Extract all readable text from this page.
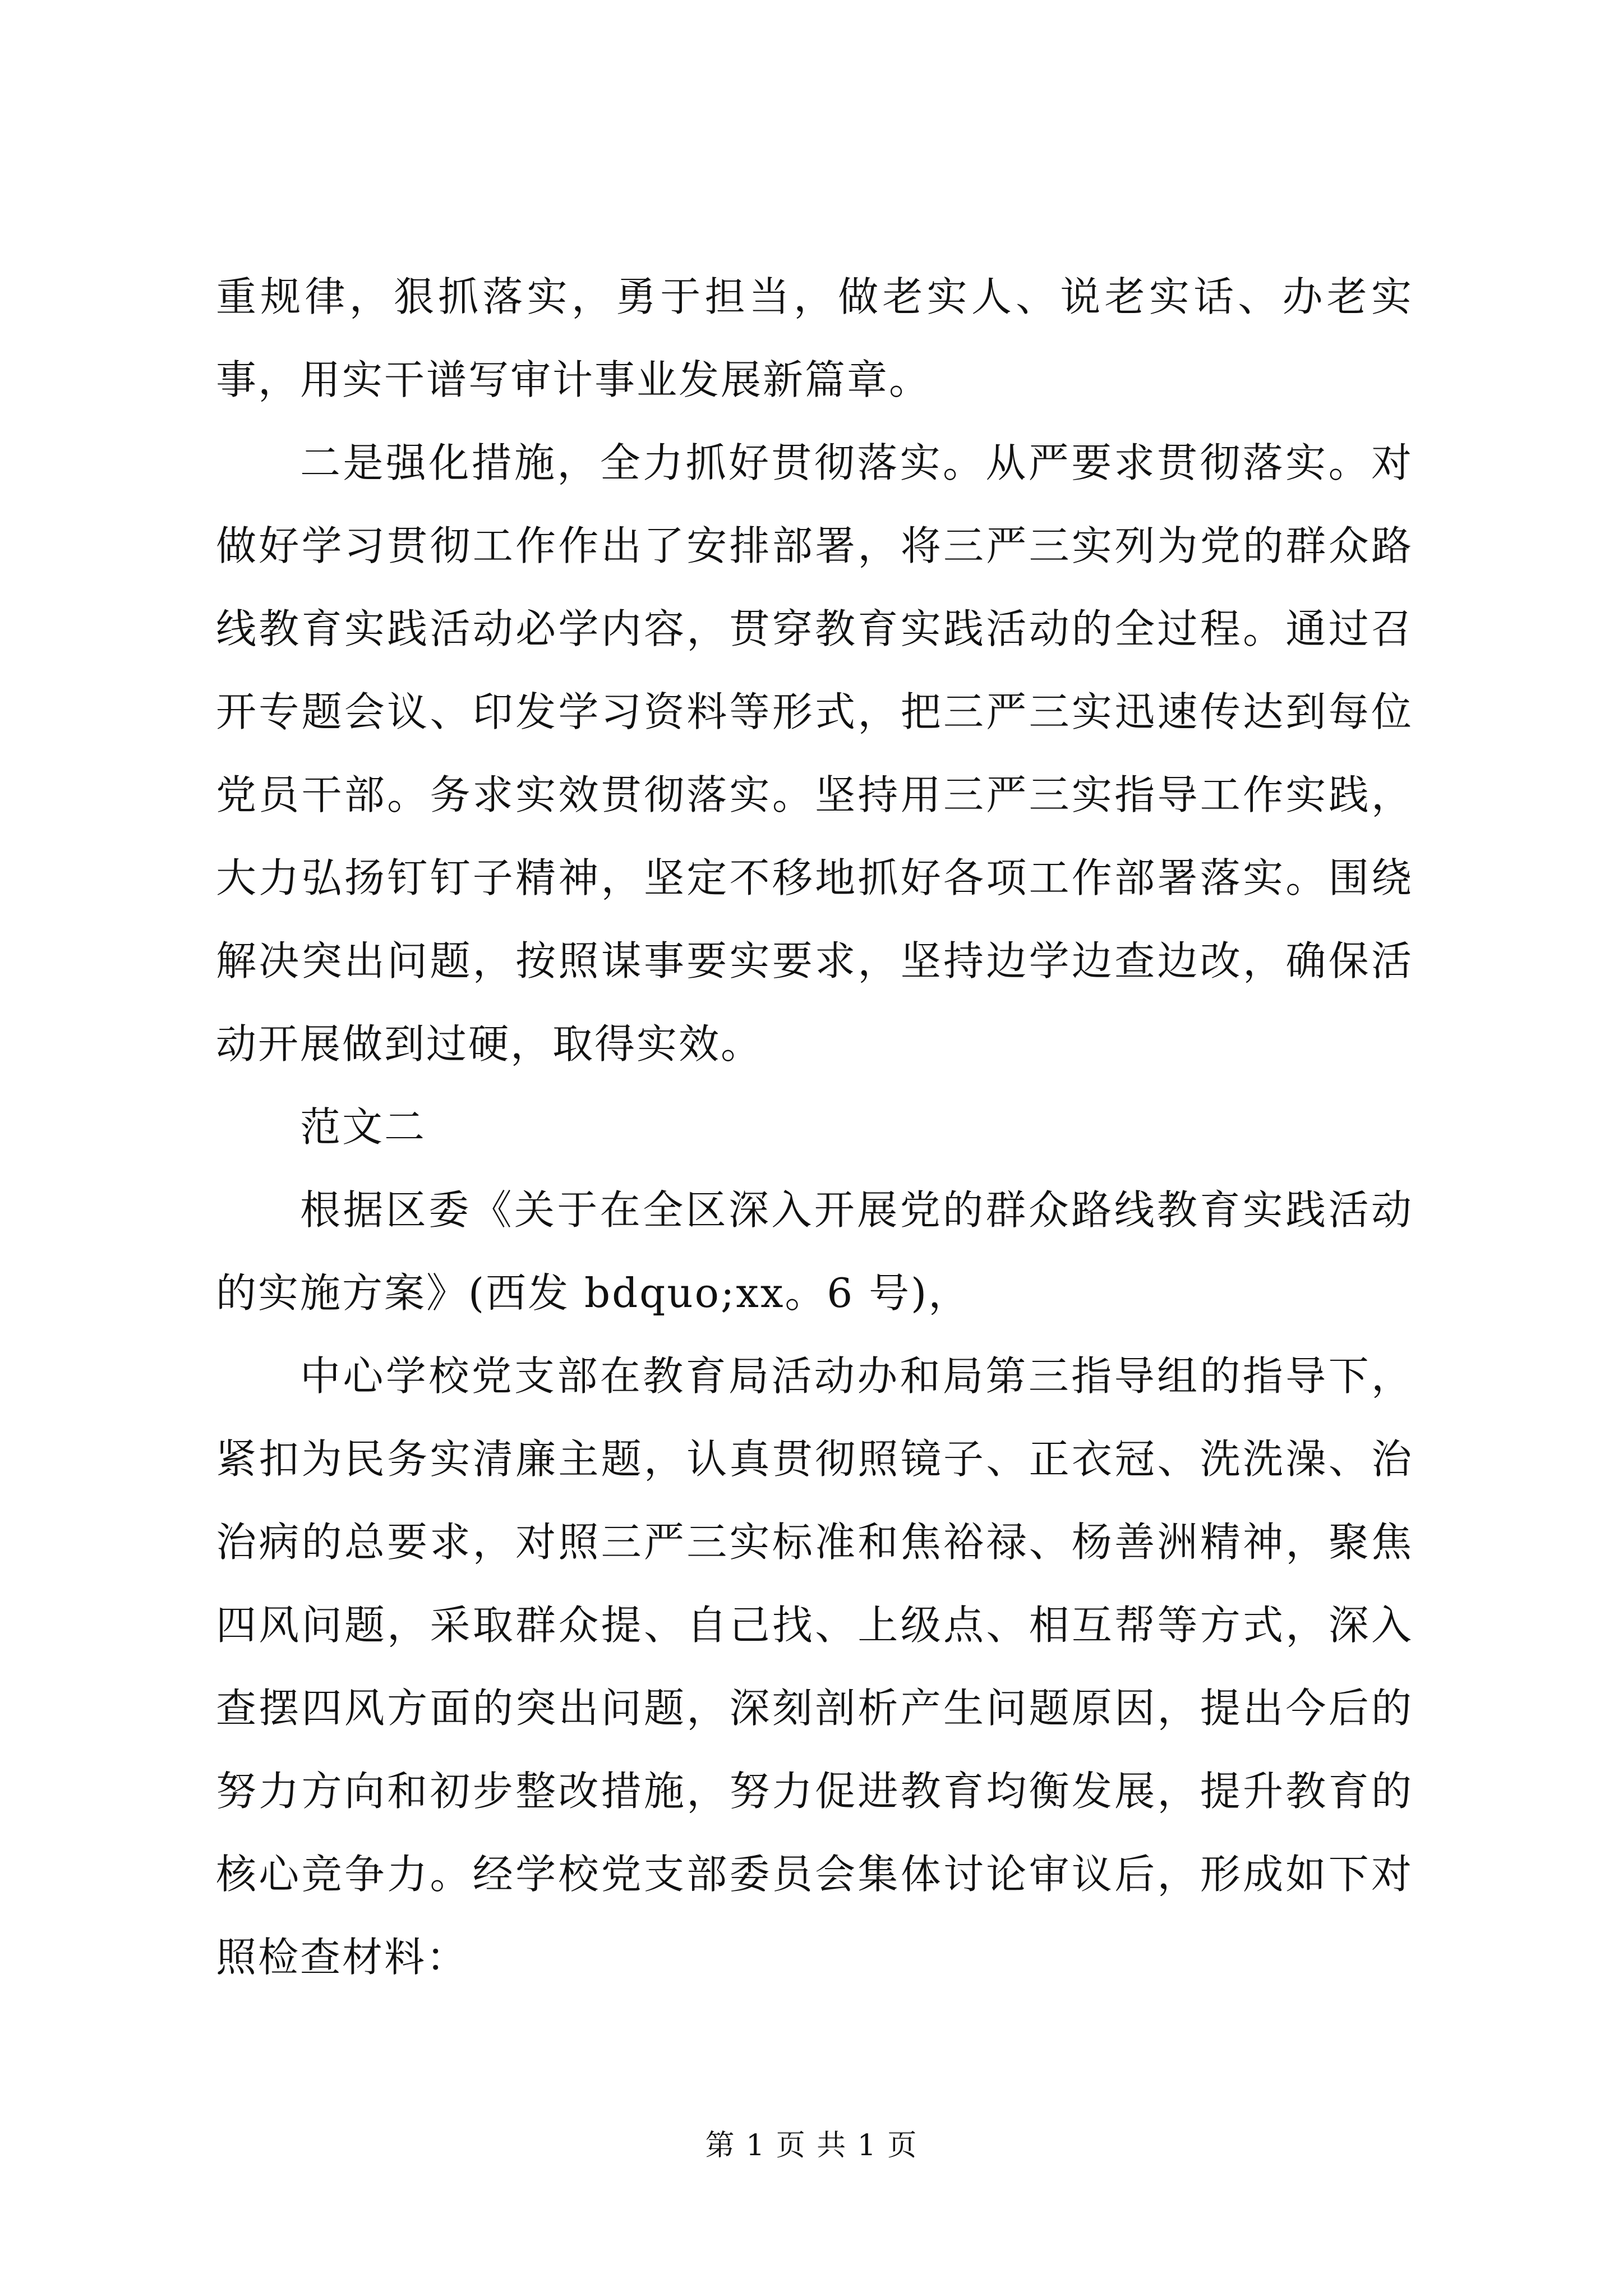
重规律，狠抓落实，勇于担当，做老实人、说老实话、办老实事，用实干谱写审计事业发展新篇章。

二是强化措施，全力抓好贯彻落实。从严要求贯彻落实。对做好学习贯彻工作作出了安排部署，将三严三实列为党的群众路线教育实践活动必学内容，贯穿教育实践活动的全过程。通过召开专题会议、印发学习资料等形式，把三严三实迅速传达到每位党员干部。务求实效贯彻落实。坚持用三严三实指导工作实践，大力弘扬钉钉子精神，坚定不移地抓好各项工作部署落实。围绕解决突出问题，按照谋事要实要求，坚持边学边查边改，确保活动开展做到过硬，取得实效。

范文二

根据区委《关于在全区深入开展党的群众路线教育实践活动的实施方案》(西发 bdquo;xx。6 号)，

中心学校党支部在教育局活动办和局第三指导组的指导下，紧扣为民务实清廉主题，认真贯彻照镜子、正衣冠、洗洗澡、治治病的总要求，对照三严三实标准和焦裕禄、杨善洲精神，聚焦四风问题，采取群众提、自己找、上级点、相互帮等方式，深入查摆四风方面的突出问题，深刻剖析产生问题原因，提出今后的努力方向和初步整改措施，努力促进教育均衡发展，提升教育的核心竞争力。经学校党支部委员会集体讨论审议后，形成如下对照检查材料：

第 1 页 共 1 页
